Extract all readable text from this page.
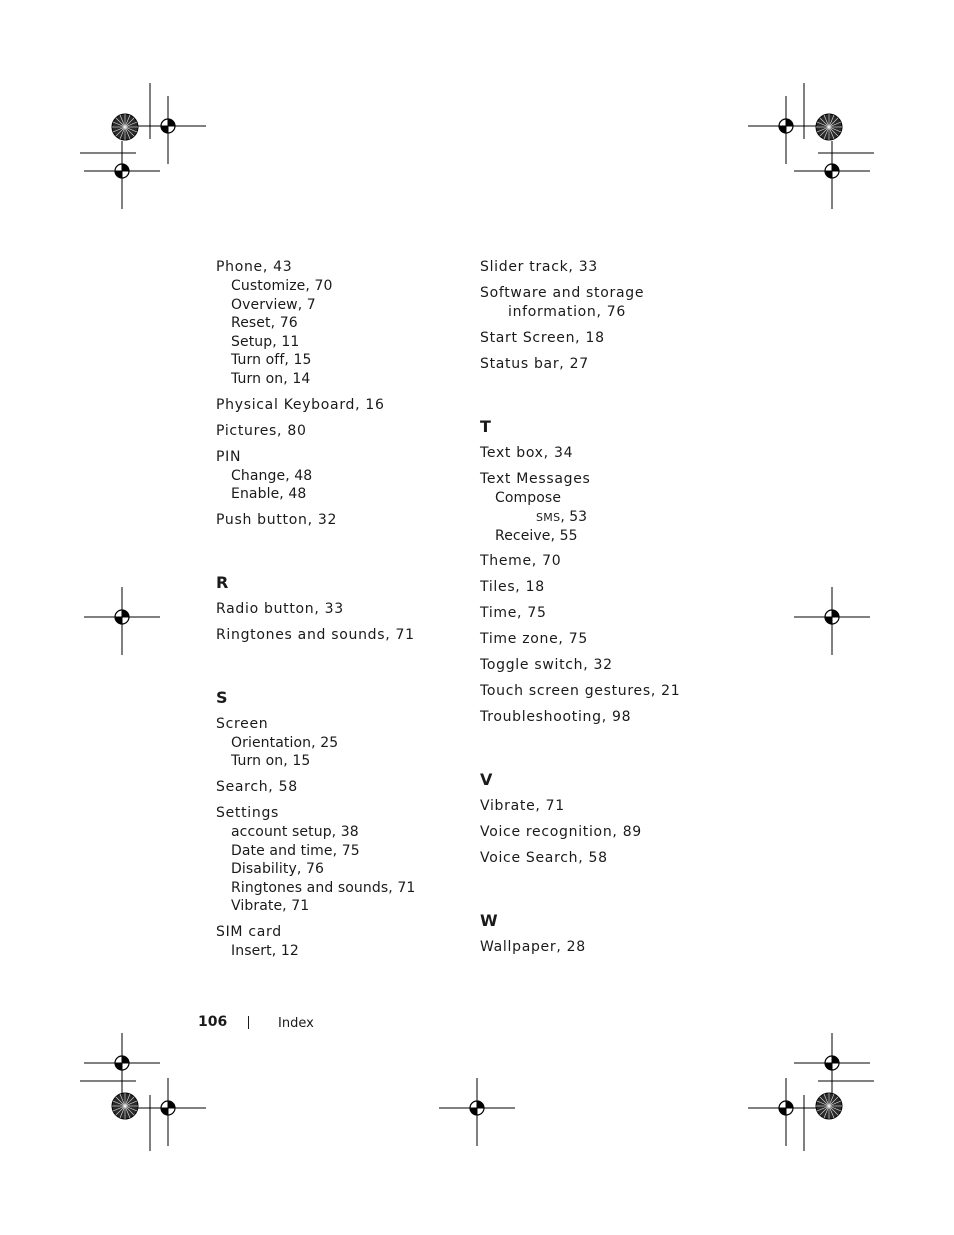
Phone, 43
Customize, 70
Overview, 7
Reset, 76
Setup, 11
Turn off, 15
Turn on, 14
Physical Keyboard, 16
Pictures, 80
PIN
Change, 48
Enable, 48
Push button, 32
R
Radio button, 33
Ringtones and sounds, 71
S
Screen
Orientation, 25
Turn on, 15
Search, 58
Settings
account setup, 38
Date and time, 75
Disability, 76
Ringtones and sounds, 71
Vibrate, 71
SIM card
Insert, 12
Slider track, 33
Software and storage
information, 76
Start Screen, 18
Status bar, 27
T
Text box, 34
Text Messages
Compose
SMS, 53
Receive, 55
Theme, 70
Tiles, 18
Time, 75
Time zone, 75
Toggle switch, 32
Touch screen gestures, 21
Troubleshooting, 98
V
Vibrate, 71
Voice recognition, 89
Voice Search, 58
W
Wallpaper, 28
106	Index
